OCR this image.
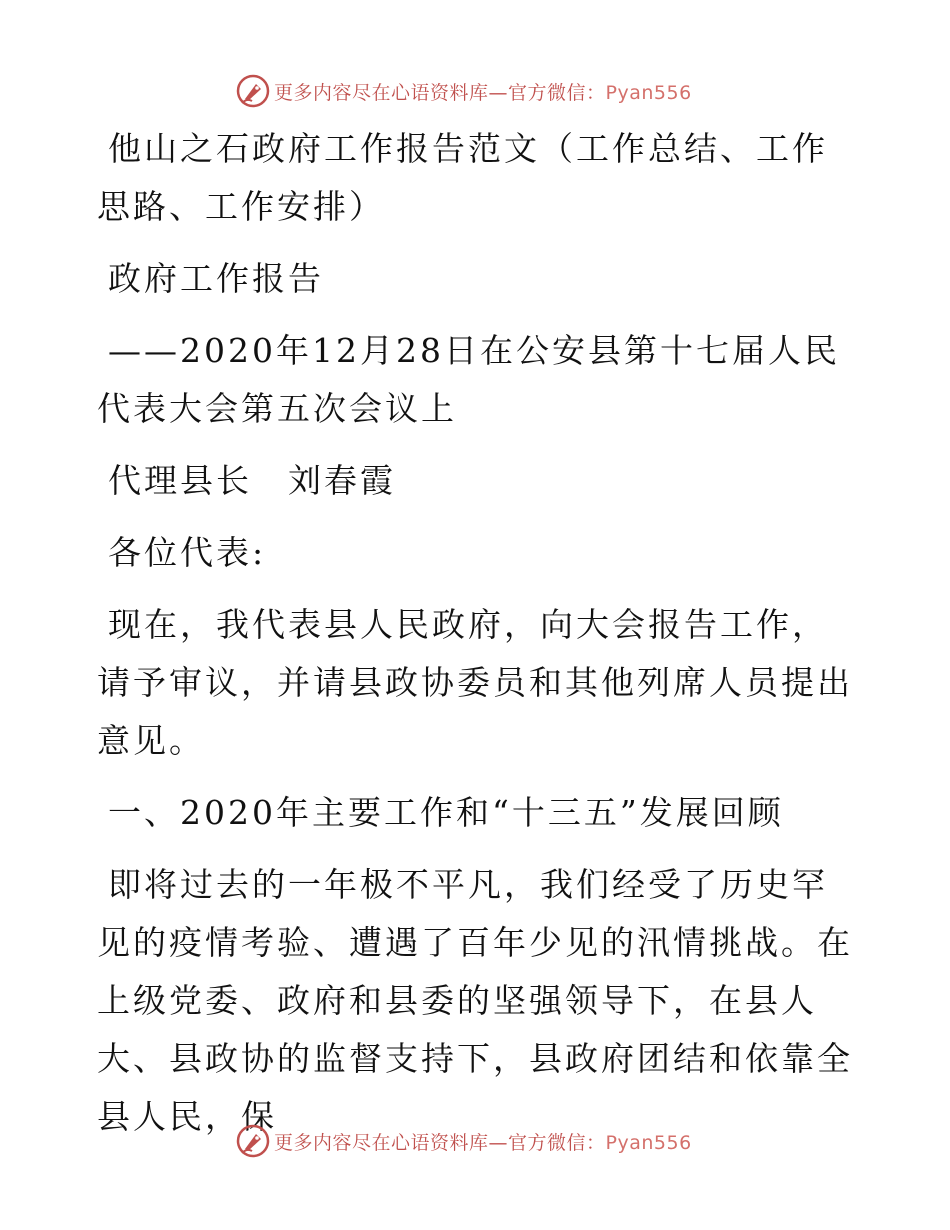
更多内容尽在心语资料库—官方微信：Pyan556

他山之石政府工作报告范文（工作总结、工作思路、工作安排）

政府工作报告

——2020年12月28日在公安县第十七届人民代表大会第五次会议上

代理县长　刘春霞

各位代表:

现在，我代表县人民政府，向大会报告工作，请予审议，并请县政协委员和其他列席人员提出意见。

一、2020年主要工作和“十三五”发展回顾

即将过去的一年极不平凡，我们经受了历史罕见的疫情考验、遭遇了百年少见的汛情挑战。在上级党委、政府和县委的坚强领导下，在县人大、县政协的监督支持下，县政府团结和依靠全县人民，保

更多内容尽在心语资料库—官方微信：Pyan556
